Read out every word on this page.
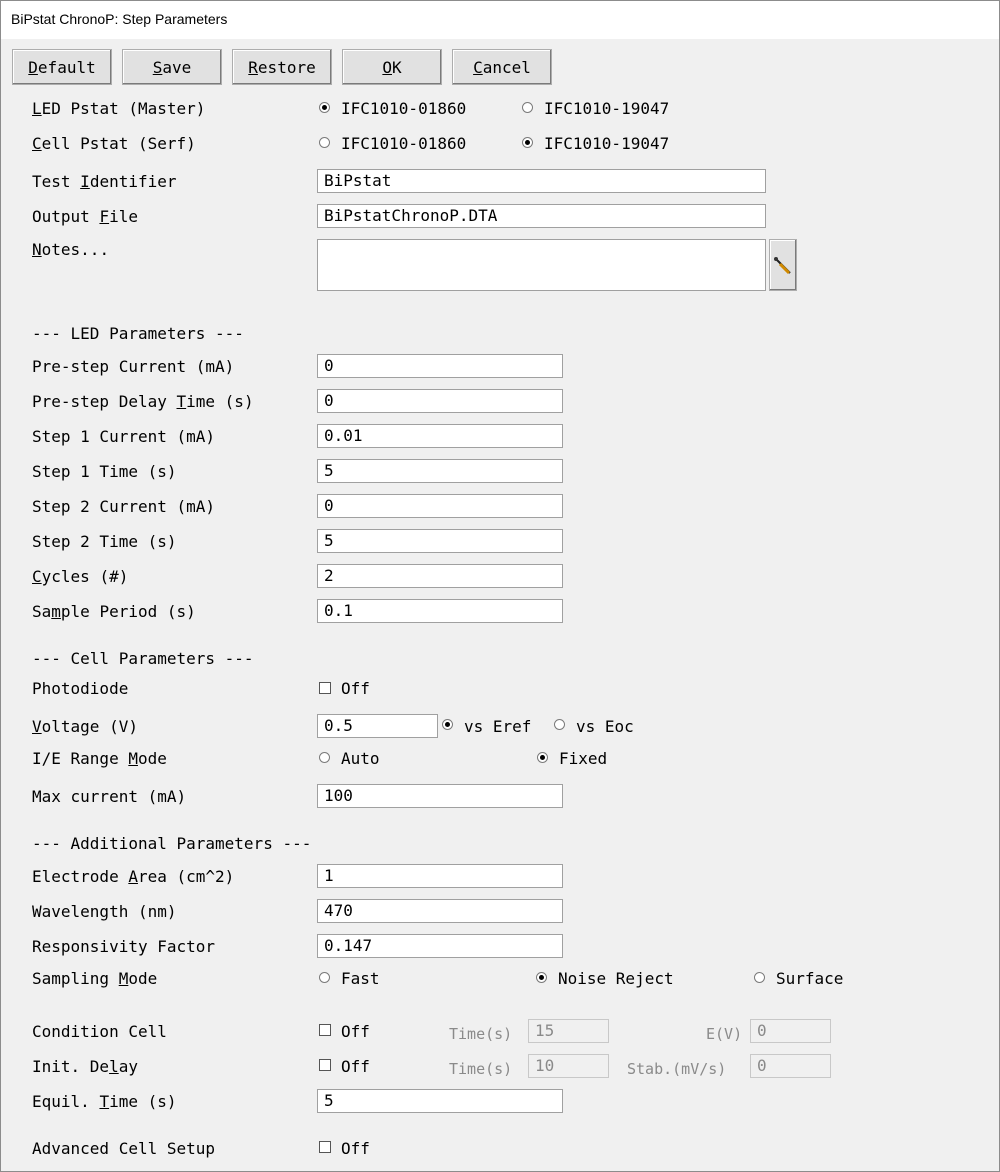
BiPstat ChronoP: Step Parameters
Default	Save	Restore	OK	Cancel
LED Pstat (Master)	IFC1010-01860	IFC1010-19047
Cell Pstat (Serf)	IFC1010-01860	IFC1010-19047
Test Identifier	BiPstat
Output File	BiPstatChronoP.DTA
Notes...
--- LED Parameters ---
Pre-step Current (mA)	0
Pre-step Delay Time (s)	0
Step 1 Current (mA)	0.01
Step 1 Time (s)	5
Step 2 Current (mA)	0
Step 2 Time (s)	5
Cycles (#)	2
Sample Period (s)	0.1
--- Cell Parameters ---
Photodiode	Off
Voltage (V)	0.5	vs Eref	vs Eoc
I/E Range Mode	Auto	Fixed
Max current (mA)	100
--- Additional Parameters ---
Electrode Area (cm^2)	1
Wavelength (nm)	470
Responsivity Factor	0.147
Sampling Mode	Fast	Noise Reject	Surface
Condition Cell	Off	Time(s)	15	E(V) 0
Init. Delay	Off	Time(s)	10	Stab.(mV/s)	0
Equil. Time (s)	5
Advanced Cell Setup	Off
